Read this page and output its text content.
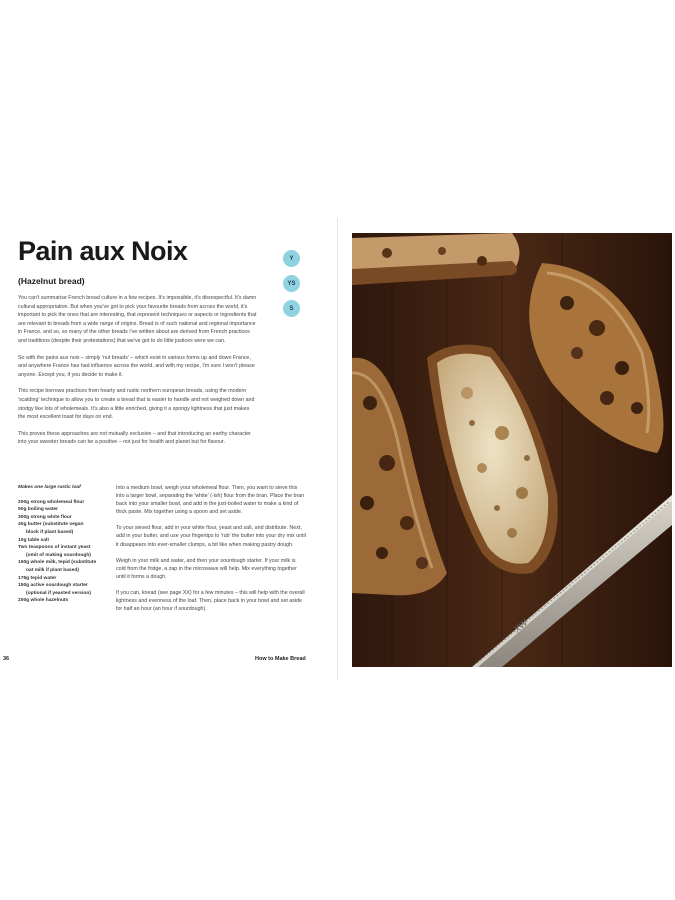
Pain aux Noix
(Hazelnut bread)
Y
YS
S

You can't summarise French bread culture in a few recipes. It's impossible, it's disrespectful. It's damn cultural appropriation. But when you've got to pick your favourite breads from across the world, it's important to pick the ones that are interesting, that represent techniques or aspects or ingredients that are relevant to breads from a wide range of origins. Bread is of such national and regional importance in France, and so, so many of the other breads I've written about are derived from French practices and traditions (despite their protestations) that we've got to do little justices were we can.

So with the pains aux noix – simply 'nut breads' – which exist in various forms up and down France, and anywhere France has had influence across the world, and with my recipe, I'm sure I won't please anyone. Except you, if you decide to make it.

This recipe borrows practices from hearty and rustic northern european breads, using the modern 'scalding' technique to allow you to create a bread that is easier to handle and not weighed down and stodgy like lots of wholemeals. It's also a little enriched, giving it a spongy lightness that just makes the most excellent toast for days on end.

This proves these approaches are not mutually exclusive – and that introducing an earthy character into your sweeter breads can be a positive – not just for health and planet but for flavour.

Makes one large rustic loaf
200g strong wholemeal flour
50g boiling water
300g strong white flour
40g butter (substitute vegan
block if plant based)
10g table salt
Two teaspoons of instant yeast
(omit of making sourdough)
150g whole milk, tepid (substitute
oat milk if plant based)
175g tepid water
150g active sourdough starter
(optional if yeasted version)
200g whole hazelnuts

Into a medium bowl, weigh your wholemeal flour. Then, you want to sieve this into a larger bowl, separating the 'white' (-ish) flour from the bran. Place the bran back into your smaller bowl, and add in the just-boiled water to make a kind of thick paste. Mix together using a spoon and set aside.

To your sieved flour, add in your white flour, yeast and salt, and distribute. Next, add in your butter, and use your fingertips to 'rub' the butter into your dry mix until it disappears into ever-smaller clumps, a bit like when making pastry dough.

Weigh in your milk and water, and then your sourdough starter. If your milk is cold from the fridge, a zap in the microwave will help. Mix everything together until it forms a dough.

If you can, knead (see page XX) for a few minutes – this will help with the overall lightness and evenness of the loaf. Then, place back in your bowl and set aside for half an hour (an hour if sourdough).

36	How to Make Bread
XW
